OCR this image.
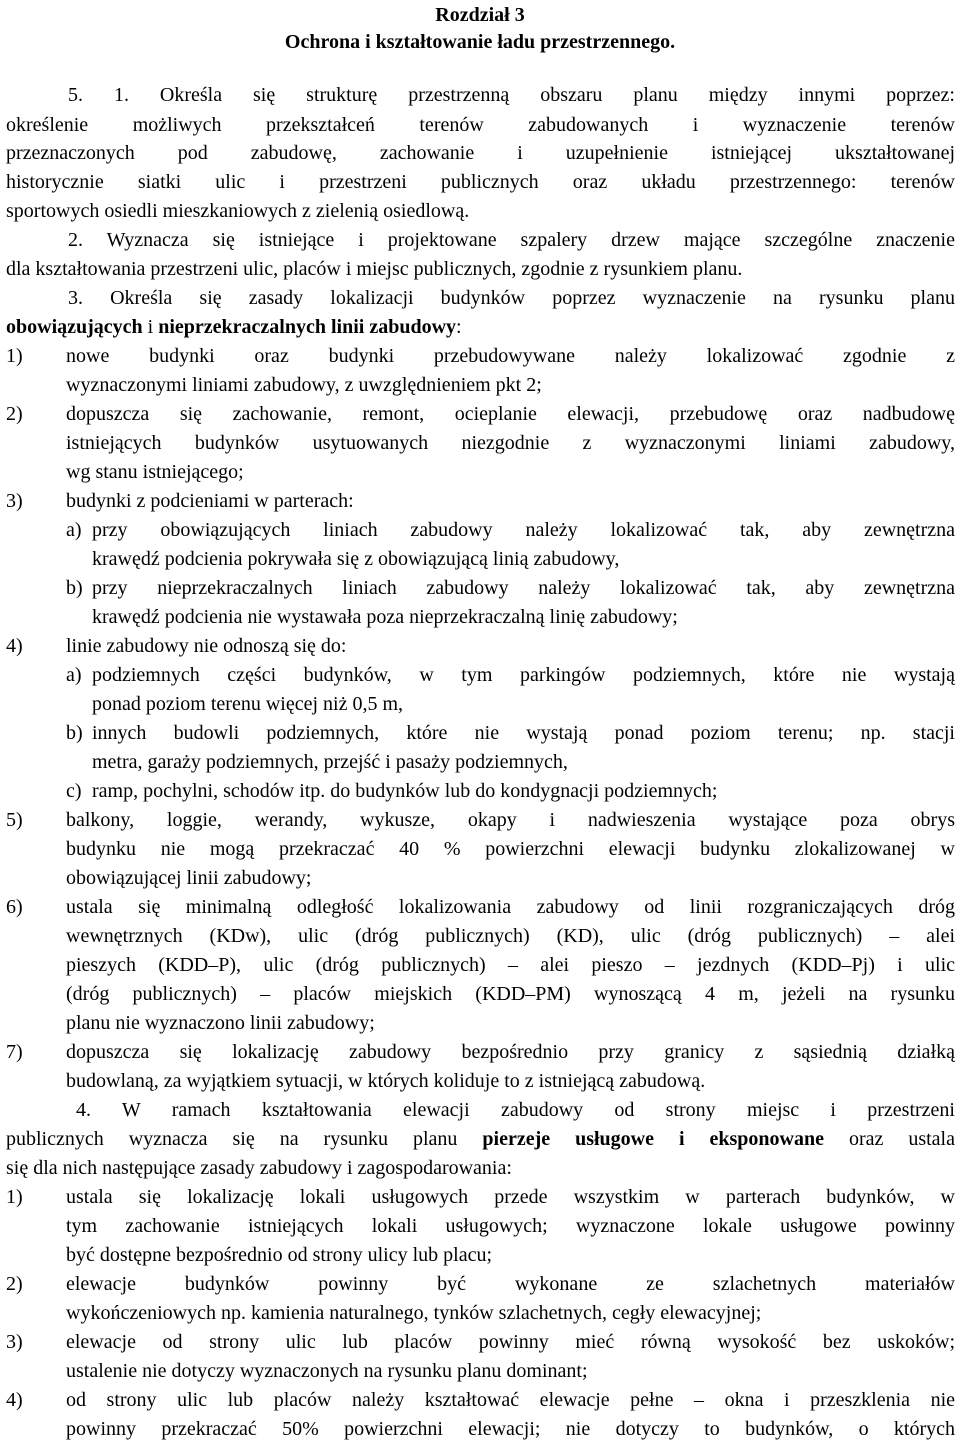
Rozdział 3
Ochrona i kształtowanie ładu przestrzennego.
5. 1. Określa się strukturę przestrzenną obszaru planu między innymi poprzez:
określenie możliwych przekształceń terenów zabudowanych i wyznaczenie terenów
przeznaczonych pod zabudowę, zachowanie i uzupełnienie istniejącej ukształtowanej
historycznie siatki ulic i przestrzeni publicznych oraz układu przestrzennego: terenów
sportowych osiedli mieszkaniowych z zielenią osiedlową.
2. Wyznacza się istniejące i projektowane szpalery drzew mające szczególne znaczenie
dla kształtowania przestrzeni ulic, placów i miejsc publicznych, zgodnie z rysunkiem planu.
3. Określa się zasady lokalizacji budynków poprzez wyznaczenie na rysunku planu
obowiązujących i nieprzekraczalnych linii zabudowy:
1) nowe budynki oraz budynki przebudowywane należy lokalizować zgodnie z
wyznaczonymi liniami zabudowy, z uwzględnieniem pkt 2;
2) dopuszcza się zachowanie, remont, ocieplanie elewacji, przebudowę oraz nadbudowę
istniejących budynków usytuowanych niezgodnie z wyznaczonymi liniami zabudowy,
wg stanu istniejącego;
3) budynki z podcieniami w parterach:
a) przy obowiązujących liniach zabudowy należy lokalizować tak, aby zewnętrzna
krawędź podcienia pokrywała się z obowiązującą linią zabudowy,
b) przy nieprzekraczalnych liniach zabudowy należy lokalizować tak, aby zewnętrzna
krawędź podcienia nie wystawała poza nieprzekraczalną linię zabudowy;
4) linie zabudowy nie odnoszą się do:
a) podziemnych części budynków, w tym parkingów podziemnych, które nie wystają
ponad poziom terenu więcej niż 0,5 m,
b) innych budowli podziemnych, które nie wystają ponad poziom terenu; np. stacji
metra, garaży podziemnych, przejść i pasaży podziemnych,
c) ramp, pochylni, schodów itp. do budynków lub do kondygnacji podziemnych;
5) balkony, loggie, werandy, wykusze, okapy i nadwieszenia wystające poza obrys
budynku nie mogą przekraczać 40 % powierzchni elewacji budynku zlokalizowanej w
obowiązującej linii zabudowy;
6) ustala się minimalną odległość lokalizowania zabudowy od linii rozgraniczających dróg
wewnętrznych (KDw), ulic (dróg publicznych) (KD), ulic (dróg publicznych) – alei
pieszych (KDD–P), ulic (dróg publicznych) – alei pieszo – jezdnych (KDD–Pj) i ulic
(dróg publicznych) – placów miejskich (KDD–PM) wynoszącą 4 m, jeżeli na rysunku
planu nie wyznaczono linii zabudowy;
7) dopuszcza się lokalizację zabudowy bezpośrednio przy granicy z sąsiednią działką
budowlaną, za wyjątkiem sytuacji, w których koliduje to z istniejącą zabudową.
4. W ramach kształtowania elewacji zabudowy od strony miejsc i przestrzeni
publicznych wyznacza się na rysunku planu pierzeje usługowe i eksponowane oraz ustala
się dla nich następujące zasady zabudowy i zagospodarowania:
1) ustala się lokalizację lokali usługowych przede wszystkim w parterach budynków, w
tym zachowanie istniejących lokali usługowych; wyznaczone lokale usługowe powinny
być dostępne bezpośrednio od strony ulicy lub placu;
2) elewacje budynków powinny być wykonane ze szlachetnych materiałów
wykończeniowych np. kamienia naturalnego, tynków szlachetnych, cegły elewacyjnej;
3) elewacje od strony ulic lub placów powinny mieć równą wysokość bez uskoków;
ustalenie nie dotyczy wyznaczonych na rysunku planu dominant;
4) od strony ulic lub placów należy kształtować elewacje pełne – okna i przeszklenia nie
powinny przekraczać 50% powierzchni elewacji; nie dotyczy to budynków, o których
